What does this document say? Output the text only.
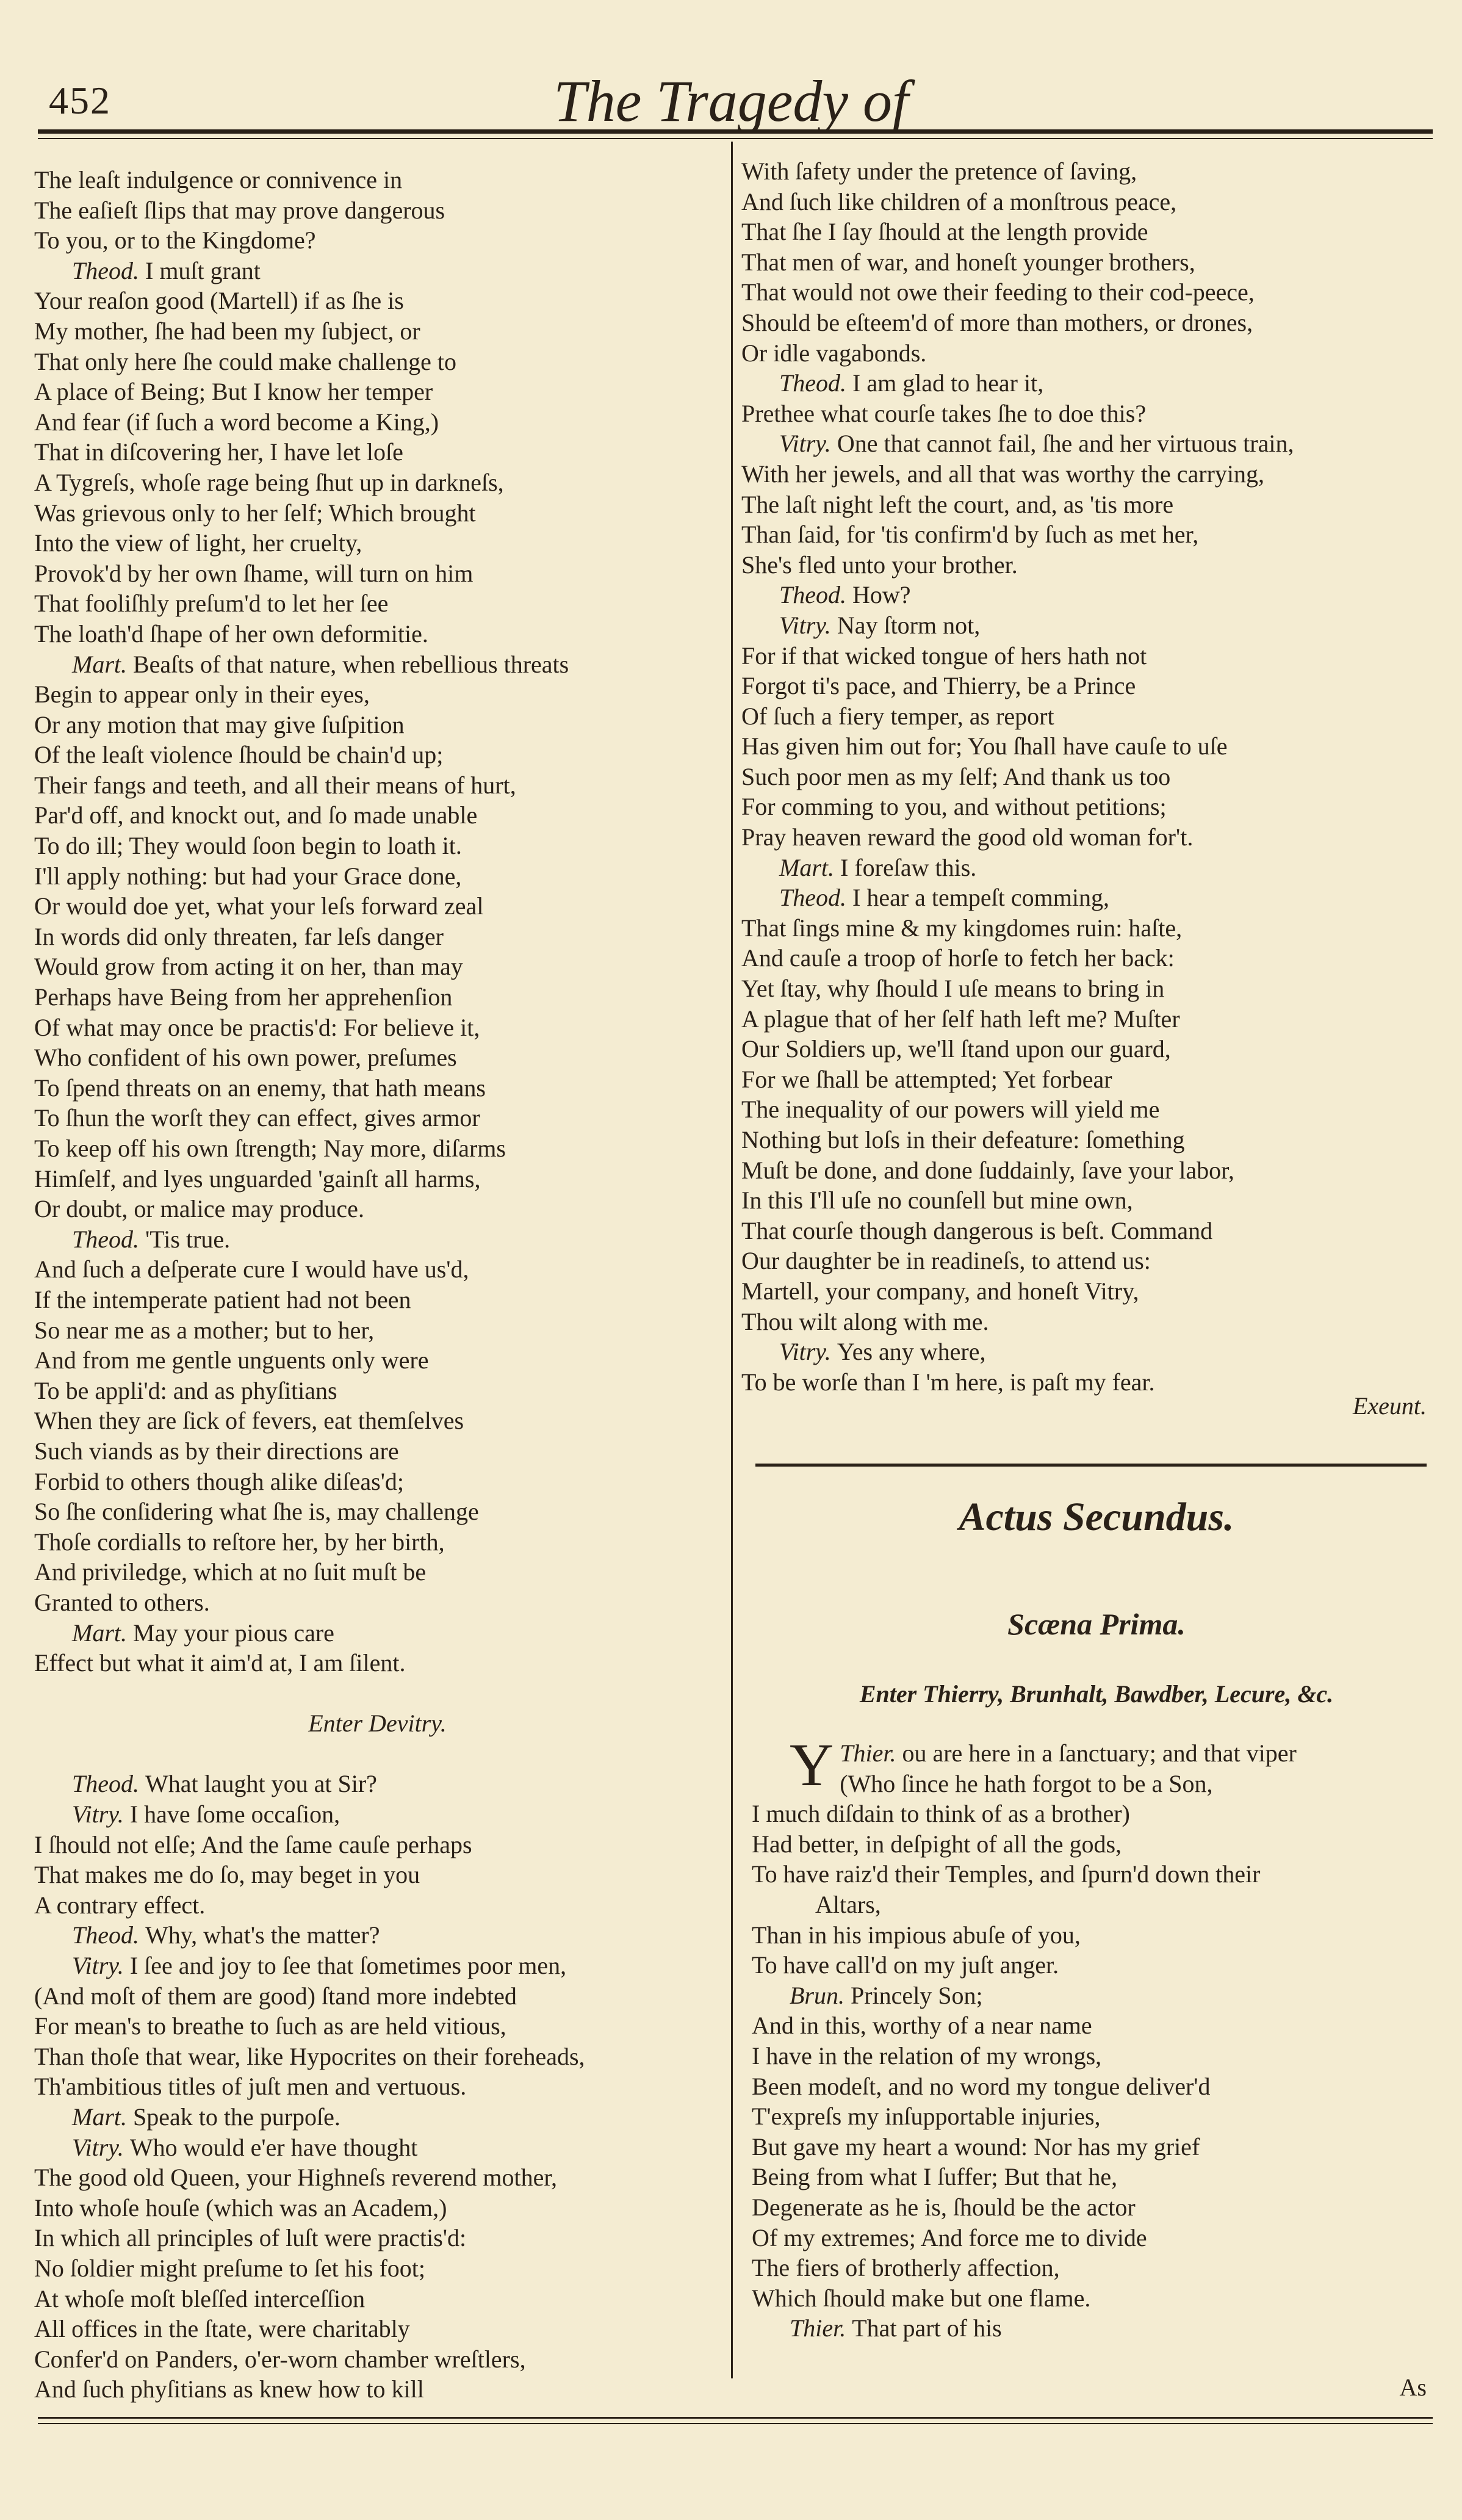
452	The Tragedy of
The leaſt indulgence or connivence in
The eaſieſt ſlips that may prove dangerous
To you, or to the Kingdome?
Theod. I muſt grant
Your reaſon good (Martell) if as ſhe is
My mother, ſhe had been my ſubject, or
That only here ſhe could make challenge to
A place of Being; But I know her temper
And fear (if ſuch a word become a King,)
That in diſcovering her, I have let loſe
A Tygreſs, whoſe rage being ſhut up in darkneſs,
Was grievous only to her ſelf; Which brought
Into the view of light, her cruelty,
Provok'd by her own ſhame, will turn on him
That fooliſhly preſum'd to let her ſee
The loath'd ſhape of her own deformitie.
Mart. Beaſts of that nature, when rebellious threats
Begin to appear only in their eyes,
Or any motion that may give ſuſpition
Of the leaſt violence ſhould be chain'd up;
Their fangs and teeth, and all their means of hurt,
Par'd off, and knockt out, and ſo made unable
To do ill; They would ſoon begin to loath it.
I'll apply nothing: but had your Grace done,
Or would doe yet, what your leſs forward zeal
In words did only threaten, far leſs danger
Would grow from acting it on her, than may
Perhaps have Being from her apprehenſion
Of what may once be practis'd: For believe it,
Who confident of his own power, preſumes
To ſpend threats on an enemy, that hath means
To ſhun the worſt they can effect, gives armor
To keep off his own ſtrength; Nay more, diſarms
Himſelf, and lyes unguarded 'gainſt all harms,
Or doubt, or malice may produce.
Theod. 'Tis true.
And ſuch a deſperate cure I would have us'd,
If the intemperate patient had not been
So near me as a mother; but to her,
And from me gentle unguents only were
To be appli'd: and as phyſitians
When they are ſick of fevers, eat themſelves
Such viands as by their directions are
Forbid to others though alike diſeas'd;
So ſhe conſidering what ſhe is, may challenge
Thoſe cordialls to reſtore her, by her birth,
And priviledge, which at no ſuit muſt be
Granted to others.
Mart. May your pious care
Effect but what it aim'd at, I am ſilent.
Enter Devitry.
Theod. What laught you at Sir?
Vitry. I have ſome occaſion,
I ſhould not elſe; And the ſame cauſe perhaps
That makes me do ſo, may beget in you
A contrary effect.
Theod. Why, what's the matter?
Vitry. I ſee and joy to ſee that ſometimes poor men,
(And moſt of them are good) ſtand more indebted
For mean's to breathe to ſuch as are held vitious,
Than thoſe that wear, like Hypocrites on their foreheads,
Th'ambitious titles of juſt men and vertuous.
Mart. Speak to the purpoſe.
Vitry. Who would e'er have thought
The good old Queen, your Highneſs reverend mother,
Into whoſe houſe (which was an Academ,)
In which all principles of luſt were practis'd:
No ſoldier might preſume to ſet his foot;
At whoſe moſt bleſſed interceſſion
All offices in the ſtate, were charitably
Confer'd on Panders, o'er-worn chamber wreſtlers,
And ſuch phyſitians as knew how to kill
With ſafety under the pretence of ſaving,
And ſuch like children of a monſtrous peace,
That ſhe I ſay ſhould at the length provide
That men of war, and honeſt younger brothers,
That would not owe their feeding to their cod-peece,
Should be eſteem'd of more than mothers, or drones,
Or idle vagabonds.
Theod. I am glad to hear it,
Prethee what courſe takes ſhe to doe this?
Vitry. One that cannot fail, ſhe and her virtuous train,
With her jewels, and all that was worthy the carrying,
The laſt night left the court, and, as 'tis more
Than ſaid, for 'tis confirm'd by ſuch as met her,
She's fled unto your brother.
Theod. How?
Vitry. Nay ſtorm not,
For if that wicked tongue of hers hath not
Forgot ti's pace, and Thierry, be a Prince
Of ſuch a fiery temper, as report
Has given him out for; You ſhall have cauſe to uſe
Such poor men as my ſelf; And thank us too
For comming to you, and without petitions;
Pray heaven reward the good old woman for't.
Mart. I foreſaw this.
Theod. I hear a tempeſt comming,
That ſings mine & my kingdomes ruin: haſte,
And cauſe a troop of horſe to fetch her back:
Yet ſtay, why ſhould I uſe means to bring in
A plague that of her ſelf hath left me? Muſter
Our Soldiers up, we'll ſtand upon our guard,
For we ſhall be attempted; Yet forbear
The inequality of our powers will yield me
Nothing but loſs in their defeature: ſomething
Muſt be done, and done ſuddainly, ſave your labor,
In this I'll uſe no counſell but mine own,
That courſe though dangerous is beſt. Command
Our daughter be in readineſs, to attend us:
Martell, your company, and honeſt Vitry,
Thou wilt along with me.
Vitry. Yes any where,
To be worſe than I 'm here, is paſt my fear.
Exeunt.
Actus Secundus.
Scæna Prima.
Enter Thierry, Brunhalt, Bawdber, Lecure, &c.
Thier.
Y	ou are here in a ſanctuary; and that viper
(Who ſince he hath forgot to be a Son,
I much diſdain to think of as a brother)
Had better, in deſpight of all the gods,
To have raiz'd their Temples, and ſpurn'd down their
Altars,
Than in his impious abuſe of you,
To have call'd on my juſt anger.
Brun. Princely Son;
And in this, worthy of a near name
I have in the relation of my wrongs,
Been modeſt, and no word my tongue deliver'd
T'expreſs my inſupportable injuries,
But gave my heart a wound: Nor has my grief
Being from what I ſuffer; But that he,
Degenerate as he is, ſhould be the actor
Of my extremes; And force me to divide
The fiers of brotherly affection,
Which ſhould make but one flame.
Thier. That part of his
As
